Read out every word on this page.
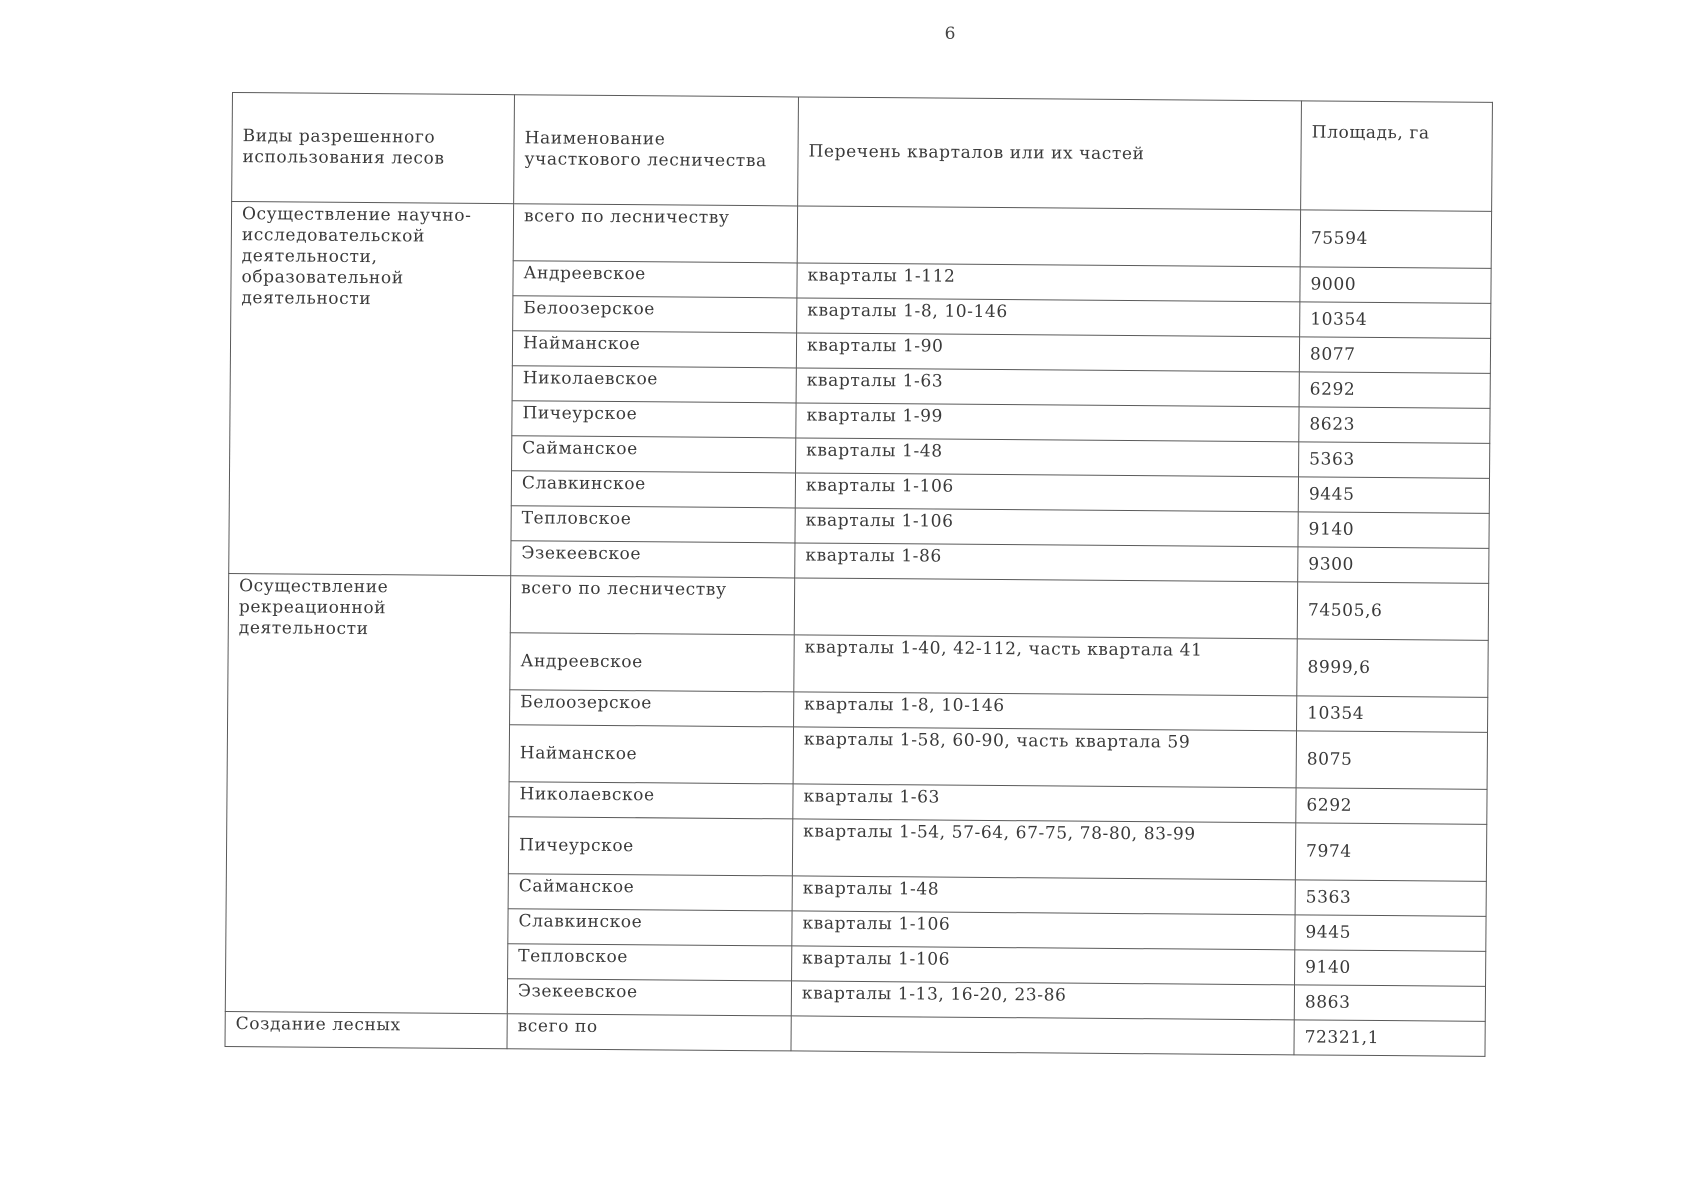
6
Виды разрешенного использования лесов	Наименование участкового лесничества	Перечень кварталов или их частей	Площадь, га
Осуществление научно-исследовательской деятельности, образовательной деятельности	всего по лесничеству		75594
	Андреевское	кварталы 1-112	9000
	Белоозерское	кварталы 1-8, 10-146	10354
	Наймaнское	кварталы 1-90	8077
	Николаевское	кварталы 1-63	6292
	Пичеурское	кварталы 1-99	8623
	Саймaнское	кварталы 1-48	5363
	Славкинское	кварталы 1-106	9445
	Тепловское	кварталы 1-106	9140
	Эзекеевское	кварталы 1-86	9300
Осуществление рекреационной деятельности	всего по лесничеству		74505,6
	Андреевское	кварталы 1-40, 42-112, часть квартала 41	8999,6
	Белоозерское	кварталы 1-8, 10-146	10354
	Наймaнское	кварталы 1-58, 60-90, часть квартала 59	8075
	Николаевское	кварталы 1-63	6292
	Пичеурское	кварталы 1-54, 57-64, 67-75, 78-80, 83-99	7974
	Саймaнское	кварталы 1-48	5363
	Славкинское	кварталы 1-106	9445
	Тепловское	кварталы 1-106	9140
	Эзекеевское	кварталы 1-13, 16-20, 23-86	8863
Создание лесных	всего по		72321,1
